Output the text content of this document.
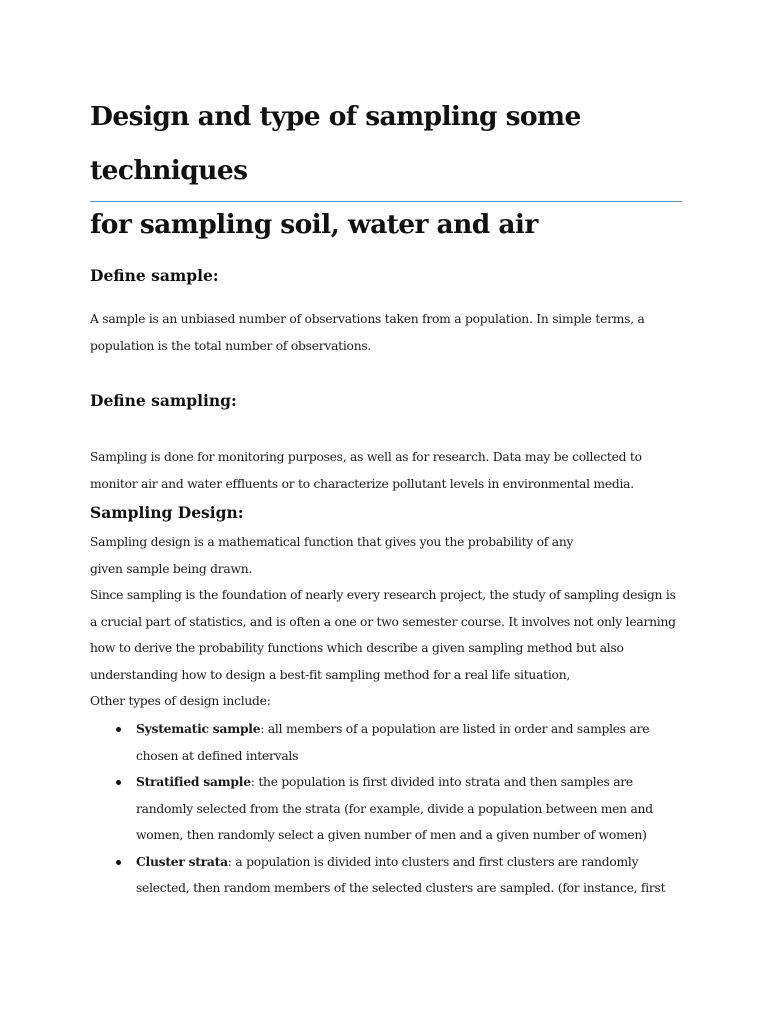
Design and type of sampling some techniques
for sampling soil, water and air
Define sample:

A sample is an unbiased number of observations taken from a population. In simple terms, a
population is the total number of observations.

Define sampling:

Sampling is done for monitoring purposes, as well as for research. Data may be collected to
monitor air and water effluents or to characterize pollutant levels in environmental media.

Sampling Design:

Sampling design is a mathematical function that gives you the probability of any
given sample being drawn.
Since sampling is the foundation of nearly every research project, the study of sampling design is
a crucial part of statistics, and is often a one or two semester course. It involves not only learning
how to derive the probability functions which describe a given sampling method but also
understanding how to design a best-fit sampling method for a real life situation,
Other types of design include:

Systematic sample: all members of a population are listed in order and samples are
chosen at defined intervals
Stratified sample: the population is first divided into strata and then samples are
randomly selected from the strata (for example, divide a population between men and
women, then randomly select a given number of men and a given number of women)
Cluster strata: a population is divided into clusters and first clusters are randomly
selected, then random members of the selected clusters are sampled. (for instance, first
